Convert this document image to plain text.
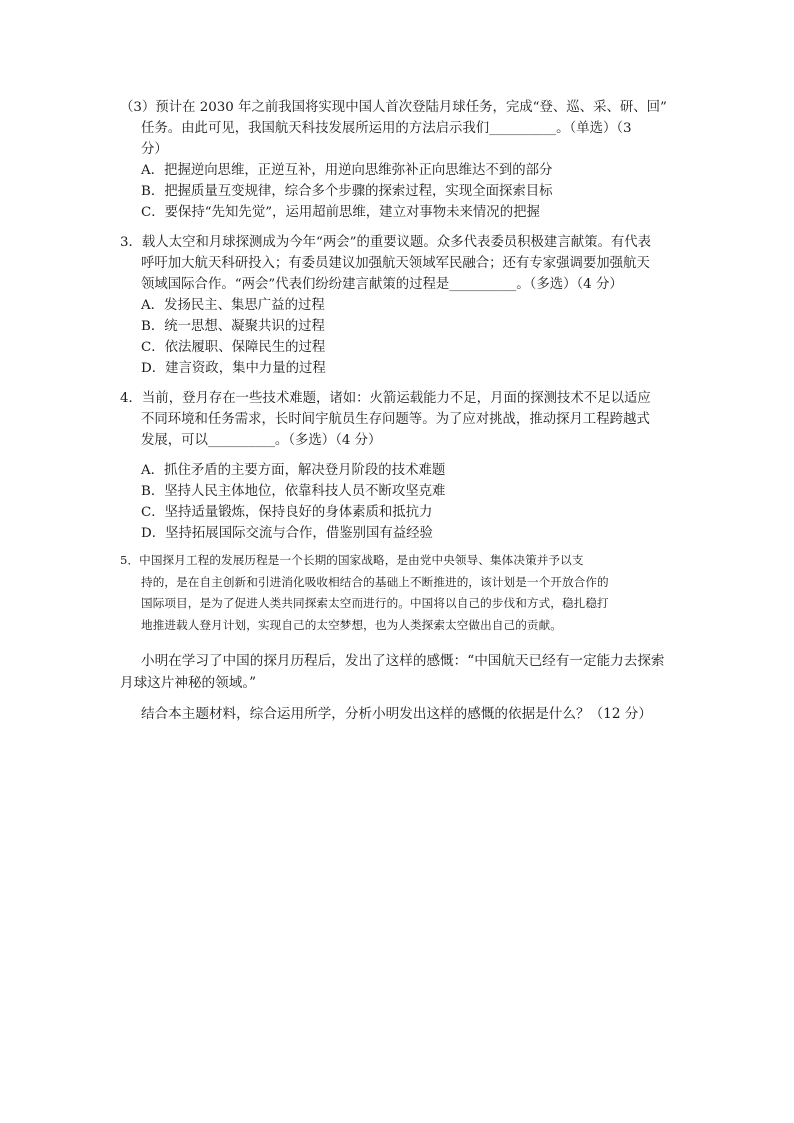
（3）预计在 2030 年之前我国将实现中国人首次登陆月球任务，完成“登、巡、采、研、回”
任务。由此可见，我国航天科技发展所运用的方法启示我们__________。（单选）（3
分）
A．把握逆向思维，正逆互补，用逆向思维弥补正向思维达不到的部分
B．把握质量互变规律，综合多个步骤的探索过程，实现全面探索目标
C．要保持“先知先觉”，运用超前思维，建立对事物未来情况的把握
3．载人太空和月球探测成为今年“两会”的重要议题。众多代表委员积极建言献策。有代表
呼吁加大航天科研投入；有委员建议加强航天领域军民融合；还有专家强调要加强航天
领域国际合作。“两会”代表们纷纷建言献策的过程是__________。（多选）（4 分）
A．发扬民主、集思广益的过程
B．统一思想、凝聚共识的过程
C．依法履职、保障民生的过程
D．建言资政，集中力量的过程
4．当前，登月存在一些技术难题，诸如：火箭运载能力不足，月面的探测技术不足以适应
不同环境和任务需求，长时间宇航员生存问题等。为了应对挑战，推动探月工程跨越式
发展，可以__________。（多选）（4 分）
A．抓住矛盾的主要方面，解决登月阶段的技术难题
B．坚持人民主体地位，依靠科技人员不断攻坚克难
C．坚持适量锻炼，保持良好的身体素质和抵抗力
D．坚持拓展国际交流与合作，借鉴别国有益经验
5．中国探月工程的发展历程是一个长期的国家战略，是由党中央领导、集体决策并予以支
持的，是在自主创新和引进消化吸收相结合的基础上不断推进的，该计划是一个开放合作的
国际项目，是为了促进人类共同探索太空而进行的。中国将以自己的步伐和方式，稳扎稳打
地推进载人登月计划，实现自己的太空梦想，也为人类探索太空做出自己的贡献。
小明在学习了中国的探月历程后，发出了这样的感慨：“中国航天已经有一定能力去探索
月球这片神秘的领域。”
结合本主题材料，综合运用所学，分析小明发出这样的感慨的依据是什么？（12 分）
